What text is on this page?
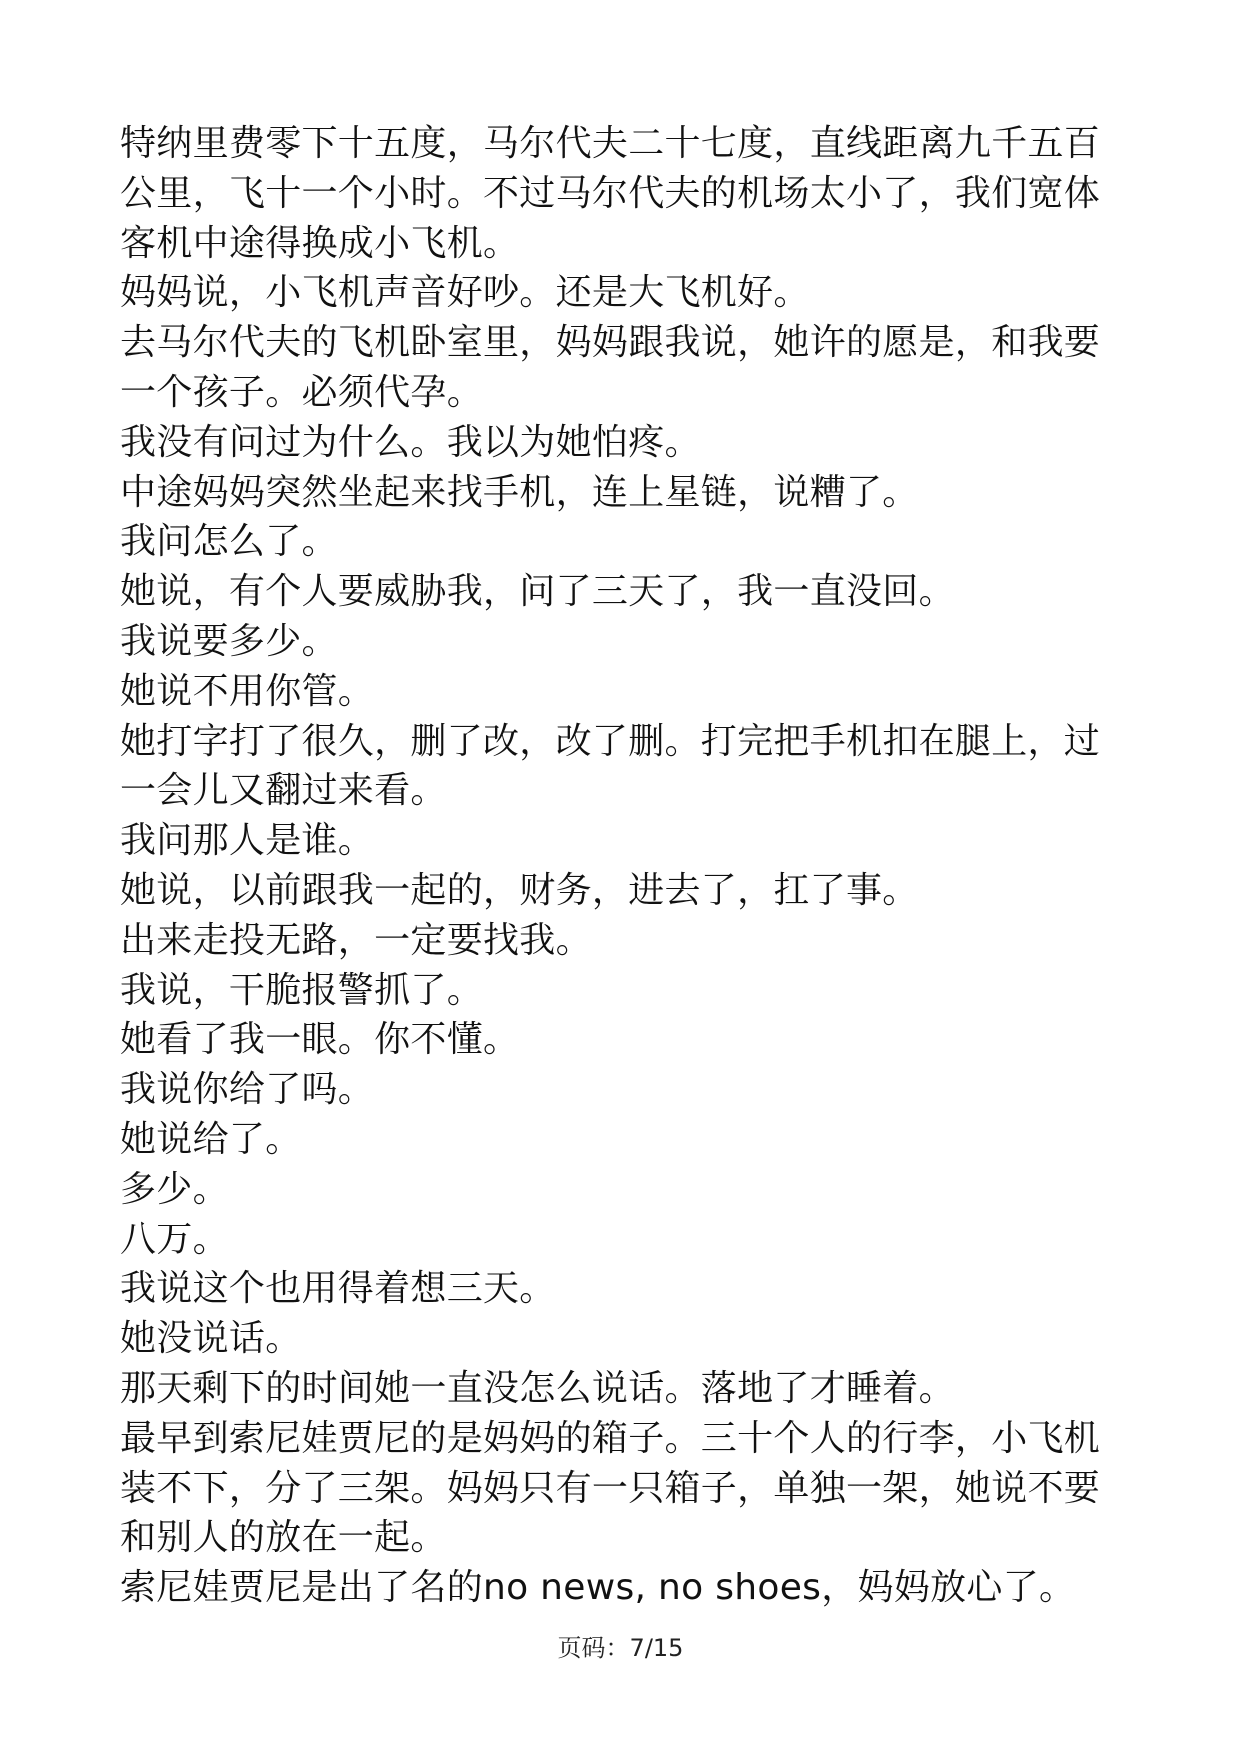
特纳里费零下十五度，马尔代夫二十七度，直线距离九千五百公里，飞十一个小时。不过马尔代夫的机场太小了，我们宽体客机中途得换成小飞机。

妈妈说，小飞机声音好吵。还是大飞机好。

去马尔代夫的飞机卧室里，妈妈跟我说，她许的愿是，和我要一个孩子。必须代孕。

我没有问过为什么。我以为她怕疼。

中途妈妈突然坐起来找手机，连上星链，说糟了。

我问怎么了。

她说，有个人要威胁我，问了三天了，我一直没回。

我说要多少。

她说不用你管。

她打字打了很久，删了改，改了删。打完把手机扣在腿上，过一会儿又翻过来看。

我问那人是谁。

她说，以前跟我一起的，财务，进去了，扛了事。

出来走投无路，一定要找我。

我说，干脆报警抓了。

她看了我一眼。你不懂。

我说你给了吗。

她说给了。

多少。

八万。

我说这个也用得着想三天。

她没说话。

那天剩下的时间她一直没怎么说话。落地了才睡着。

最早到索尼娃贾尼的是妈妈的箱子。三十个人的行李，小飞机装不下，分了三架。妈妈只有一只箱子，单独一架，她说不要和别人的放在一起。

索尼娃贾尼是出了名的no news, no shoes，妈妈放心了。

页码：7/15
